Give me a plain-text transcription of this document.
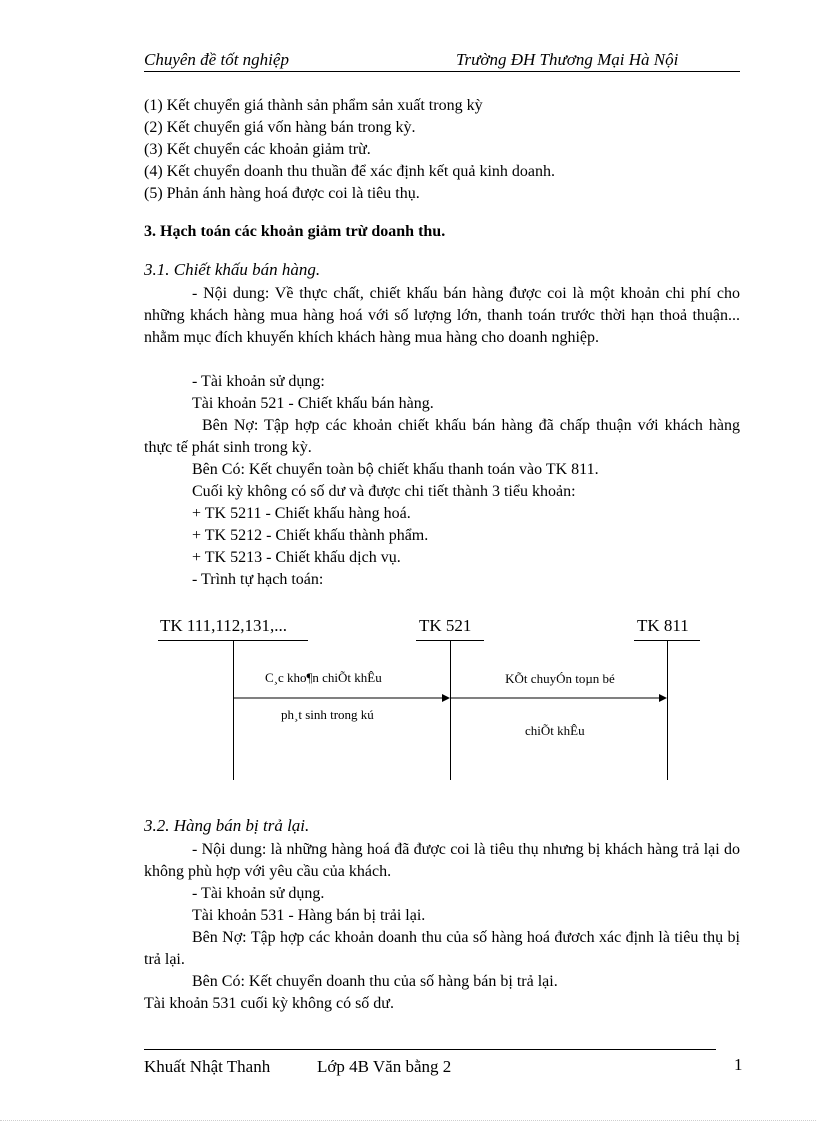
Chuyên đề tốt nghiệp	Trường ĐH Thương Mại Hà Nội
(1) Kết chuyển giá thành sản phẩm sản xuất trong kỳ
(2) Kết chuyển giá vốn hàng bán trong kỳ.
(3) Kết chuyển các khoản giảm trừ.
(4) Kết chuyển doanh thu thuần để xác định kết quả kinh doanh.
(5) Phản ánh hàng hoá được coi là tiêu thụ.
3. Hạch toán các khoản giảm trừ doanh thu.
3.1. Chiết khấu bán hàng.
- Nội dung: Về thực chất, chiết khấu bán hàng được coi là một khoản chi phí cho những khách hàng mua hàng hoá với số lượng lớn, thanh toán trước thời hạn thoả thuận... nhằm mục đích khuyến khích khách hàng mua hàng cho doanh nghiệp.
- Tài khoản sử dụng:
Tài khoản 521 - Chiết khấu bán hàng.
Bên Nợ: Tập hợp các khoản chiết khấu bán hàng đã chấp thuận với khách hàng thực tế phát sinh trong kỳ.
Bên Có: Kết chuyển toàn bộ chiết khấu thanh toán vào TK 811.
Cuối kỳ không có số dư và được chi tiết thành 3 tiểu khoản:
+ TK 5211 - Chiết khấu hàng hoá.
+ TK 5212 - Chiết khấu thành phẩm.
+ TK 5213 - Chiết khấu dịch vụ.
- Trình tự hạch toán:
TK 111,112,131,...	TK 521	TK 811
C¸c kho¶n chiÕt khÊu
ph¸t sinh trong kú
KÕt chuyÓn toµn bé
chiÕt khÊu
3.2. Hàng bán bị trả lại.
- Nội dung: là những hàng hoá đã được coi là tiêu thụ nhưng bị khách hàng trả lại do không phù hợp với yêu cầu của khách.
- Tài khoản sử dụng.
Tài khoản 531 - Hàng bán bị trải lại.
Bên Nợ: Tập hợp các khoản doanh thu của số hàng hoá đươch xác định là tiêu thụ bị trả lại.
Bên Có: Kết chuyển doanh thu của số hàng bán bị trả lại.
Tài khoản 531 cuối kỳ không có số dư.
Khuất Nhật Thanh	Lớp 4B Văn bằng 2	1
